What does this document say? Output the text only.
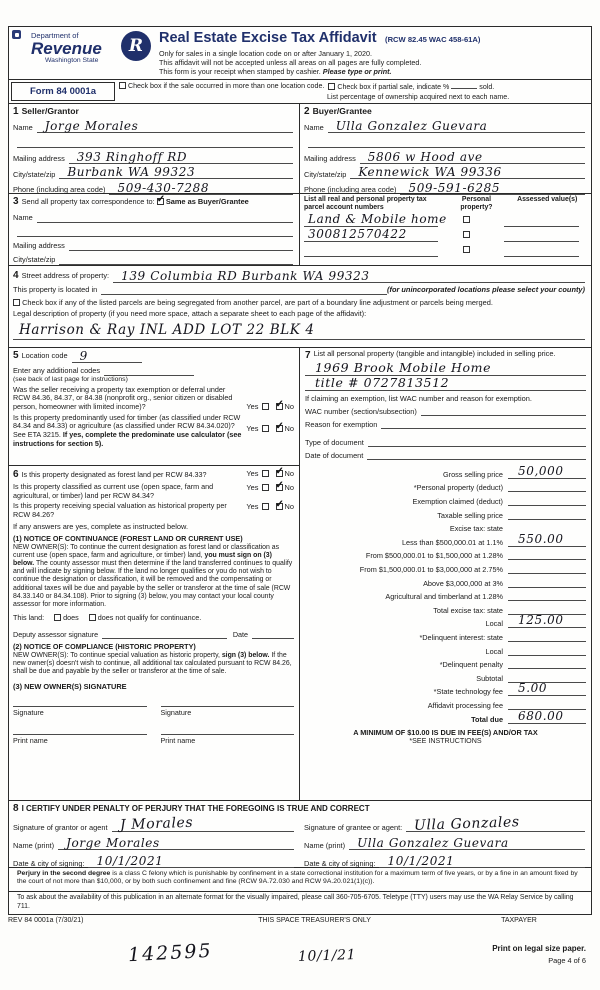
Department of
Revenue
Washington State
R	Real Estate Excise Tax Affidavit (RCW 82.45 WAC 458-61A)
Only for sales in a single location code on or after January 1, 2020.
This affidavit will not be accepted unless all areas on all pages are fully completed.
This form is your receipt when stamped by cashier. Please type or print.
Form 84 0001a	Check box if the sale occurred in more than one location code.	Check box if partial sale, indicate %	sold.
List percentage of ownership acquired next to each name.
1 Seller/Grantor
Name Jorge Morales
Mailing address 393 Ringhoff RD
City/state/zip Burbank WA 99323
Phone (including area code) 509-430-7288
2 Buyer/Grantee
Name Ulla Gonzalez Guevara
Mailing address 5806 w Hood ave
City/state/zip Kennewick WA 99336
Phone (including area code) 509-591-6285
3 Send all property tax correspondence to: ✓ Same as Buyer/Grantee
Name
Mailing address
City/state/zip
List all real and personal property tax parcel account numbers
Personal property?
Assessed value(s)
Land & Mobile home
300812570422
4 Street address of property: 139 Columbia RD Burbank WA 99323
This property is located in	(for unincorporated locations please select your county)
Check box if any of the listed parcels are being segregated from another parcel, are part of a boundary line adjustment or parcels being merged.
Legal description of property (if you need more space, attach a separate sheet to each page of the affidavit):
Harrison & Ray INL ADD LOT 22 BLK 4
5 Location code 9
Enter any additional codes
(see back of last page for instructions)
Was the seller receiving a property tax exemption or deferral under RCW 84.36, 84.37, or 84.38 (nonprofit org., senior citizen or disabled person, homeowner with limited income)?	Yes ✓	No
Is this property predominantly used for timber (as classified under RCW 84.34 and 84.33) or agriculture (as classified under RCW 84.34.020)? See ETA 3215. If yes, complete the predominate use calculator (see instructions for section 5).
Yes ✓	No
6 Is this property designated as forest land per RCW 84.33?	Yes ✓	No
Is this property classified as current use (open space, farm and agricultural, or timber) land per RCW 84.34?
Yes ✓	No
Is this property receiving special valuation as historical property per RCW 84.26?
Yes ✓	No
If any answers are yes, complete as instructed below.
(1) NOTICE OF CONTINUANCE (FOREST LAND OR CURRENT USE)
NEW OWNER(S): To continue the current designation as forest land or classification as current use (open space, farm and agriculture, or timber) land, you must sign on (3) below. The county assessor must then determine if the land transferred continues to qualify and will indicate by signing below. If the land no longer qualifies or you do not wish to continue the designation or classification, it will be removed and the compensating or additional taxes will be due and payable by the seller or transferor at the time of sale (RCW 84.33.140 or 84.34.108). Prior to signing (3) below, you may contact your local county assessor for more information.
This land:	does	does not qualify for continuance.
Deputy assessor signature	Date
(2) NOTICE OF COMPLIANCE (HISTORIC PROPERTY)
NEW OWNER(S): To continue special valuation as historic property, sign (3) below. If the new owner(s) doesn't wish to continue, all additional tax calculated pursuant to RCW 84.26, shall be due and payable by the seller or transferor at the time of sale.
(3) NEW OWNER(S) SIGNATURE
Signature	Signature
Print name	Print name
7 List all personal property (tangible and intangible) included in selling price.
1969 Brook Mobile Home
title # 0727813512
If claiming an exemption, list WAC number and reason for exemption.
WAC number (section/subsection)
Reason for exemption
Type of document
Date of document
Gross selling price	50,000
*Personal property (deduct)
Exemption claimed (deduct)
Taxable selling price
Excise tax: state
Less than $500,000.01 at 1.1%	550.00
From $500,000.01 to $1,500,000 at 1.28%
From $1,500,000.01 to $3,000,000 at 2.75%
Above $3,000,000 at 3%
Agricultural and timberland at 1.28%
Total excise tax: state
Local	125.00
*Delinquent interest: state
Local
*Delinquent penalty
Subtotal
*State technology fee	5.00
Affidavit processing fee
Total due	680.00
A MINIMUM OF $10.00 IS DUE IN FEE(S) AND/OR TAX
*SEE INSTRUCTIONS
8 I CERTIFY UNDER PENALTY OF PERJURY THAT THE FOREGOING IS TRUE AND CORRECT
Signature of grantor or agent J Morales
Name (print) Jorge Morales
Date & city of signing: 10/1/2021
Signature of grantee or agent: Ulla Gonzales
Name (print) Ulla Gonzalez Guevara
Date & city of signing: 10/1/2021
Perjury in the second degree is a class C felony which is punishable by confinement in a state correctional institution for a maximum term of five years, or by a fine in an amount fixed by the court of not more than $10,000, or by both such confinement and fine (RCW 9A.72.030 and RCW 9A.20.021(1)(c)).
To ask about the availability of this publication in an alternate format for the visually impaired, please call 360-705-6705. Teletype (TTY) users may use the WA Relay Service by calling 711.
REV 84 0001a (7/30/21)	THIS SPACE TREASURER'S ONLY	TAXPAYER
142595	10/1/21	Print on legal size paper.
Page 4 of 6
